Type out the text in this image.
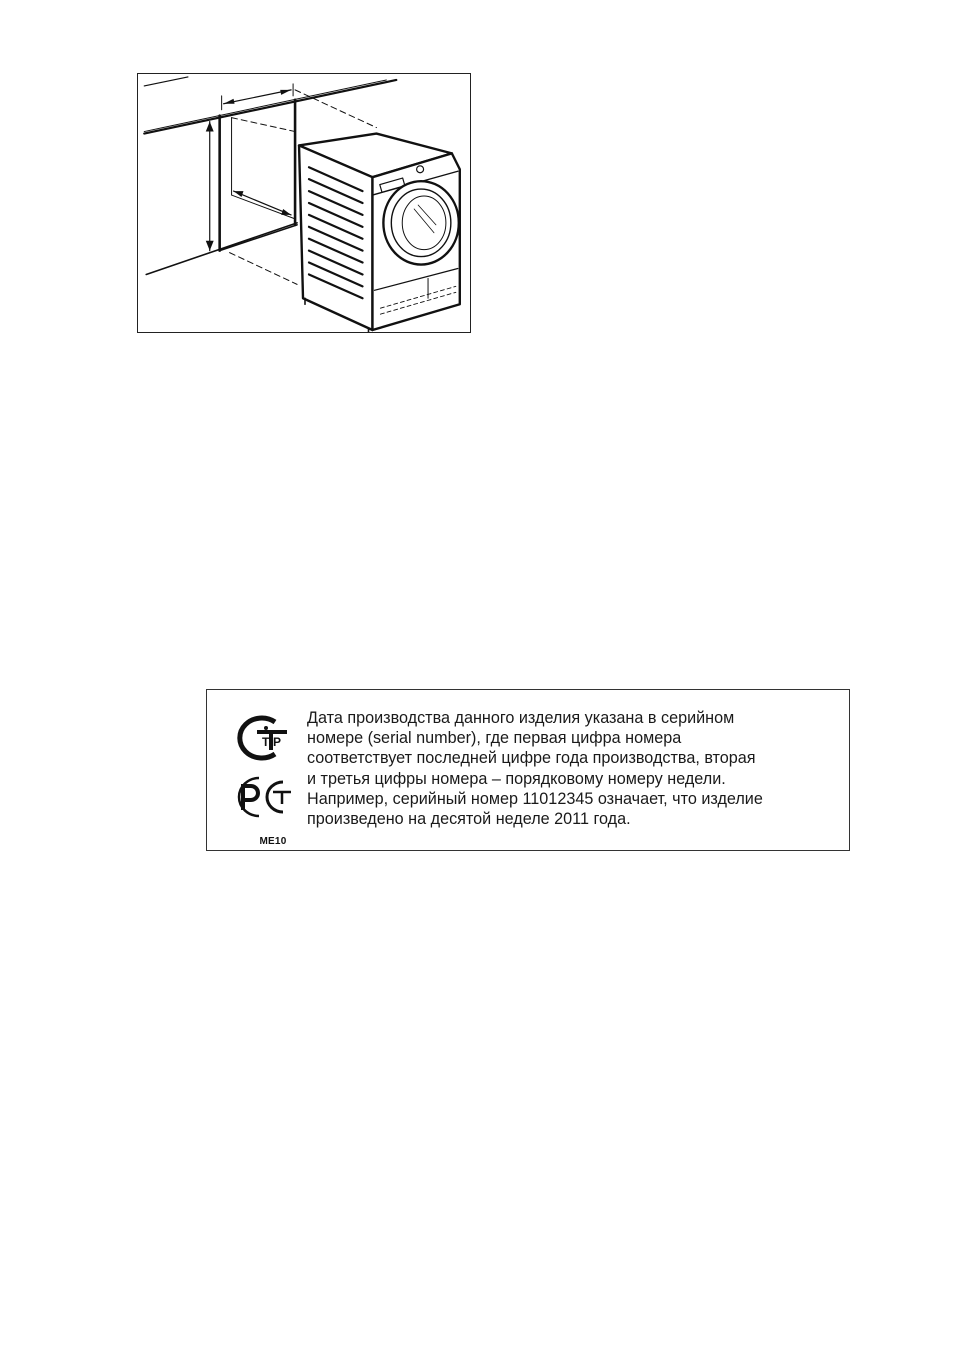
Т Р
ME10

Дата производства данного изделия указана в серийном
номере (serial number), где первая цифра номера
соответствует последней цифре года производства, вторая
и третья цифры номера – порядковому номеру недели.
Например, серийный номер 11012345 означает, что изделие
произведено на десятой неделе 2011 года.
